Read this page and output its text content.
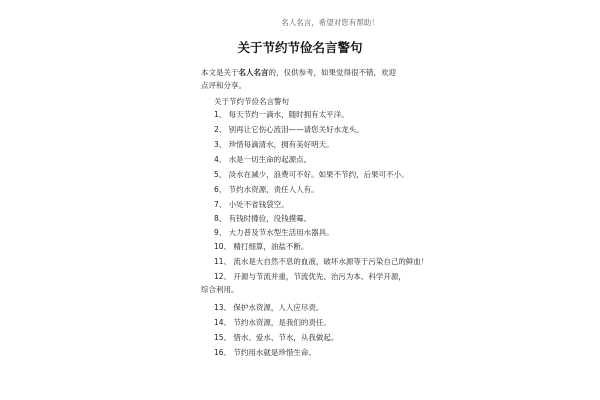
名人名言，希望对您有帮助！
关于节约节俭名言警句
本文是关于名人名言的，仅供参考，如果觉得很不错，欢迎点评和分享。
关于节约节俭名言警句
1、 每天节约一滴水，随时拥有太平洋。
2、 别再让它伤心流泪——请您关好水龙头。
3、 珍惜每滴清水，拥有美好明天。
4、 水是一切生命的起源点。
5、 淡水在减少，浪费可不好。如果不节约，后果可不小。
6、 节约水资源，责任人人有。
7、 小处不省钱袋空。
8、 有钱时撙俭，没钱摸霉。
9、 大力普及节水型生活用水器具。
10、 精打细算，油盐不断。
11、 流水是大自然不息的血液，破坏水源等于污染自己的鲜血！
12、 开源与节流并重，节流优先、治污为本、科学开源，综合利用。
13、 保护水资源，人人应尽责。
14、 节约水资源，是我们的责任。
15、 惜水、爱水、节水，从我做起。
16、 节约用水就是珍惜生命。
